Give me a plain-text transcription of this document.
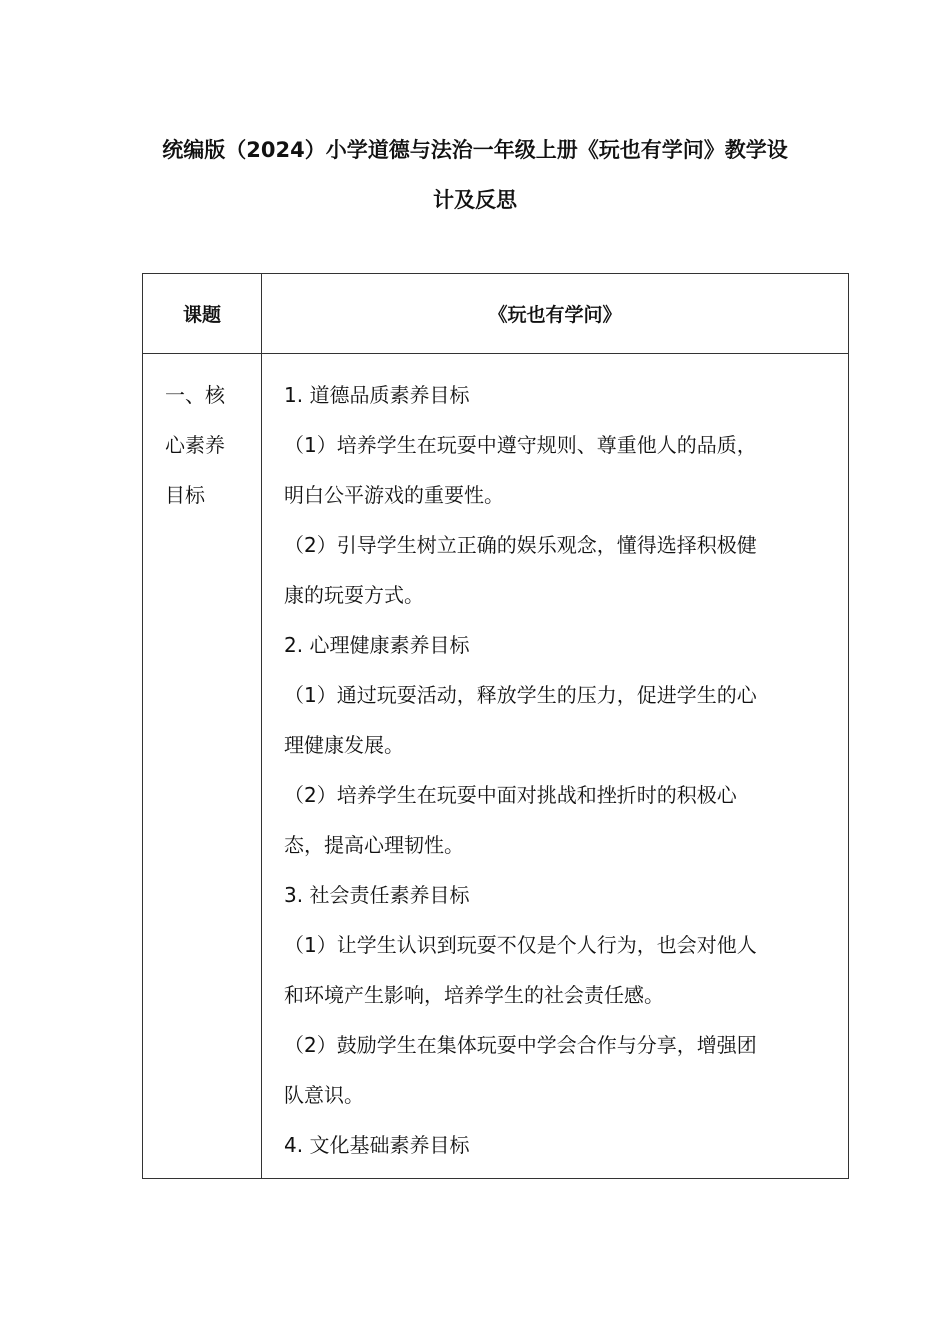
统编版（2024）小学道德与法治一年级上册《玩也有学问》教学设
计及反思
课题	《玩也有学问》
一、核
心素养
目标

1. 道德品质素养目标

（1）培养学生在玩耍中遵守规则、尊重他人的品质，

明白公平游戏的重要性。

（2）引导学生树立正确的娱乐观念，懂得选择积极健

康的玩耍方式。

2. 心理健康素养目标

（1）通过玩耍活动，释放学生的压力，促进学生的心

理健康发展。

（2）培养学生在玩耍中面对挑战和挫折时的积极心

态，提高心理韧性。

3. 社会责任素养目标

（1）让学生认识到玩耍不仅是个人行为，也会对他人

和环境产生影响，培养学生的社会责任感。

（2）鼓励学生在集体玩耍中学会合作与分享，增强团

队意识。

4. 文化基础素养目标
